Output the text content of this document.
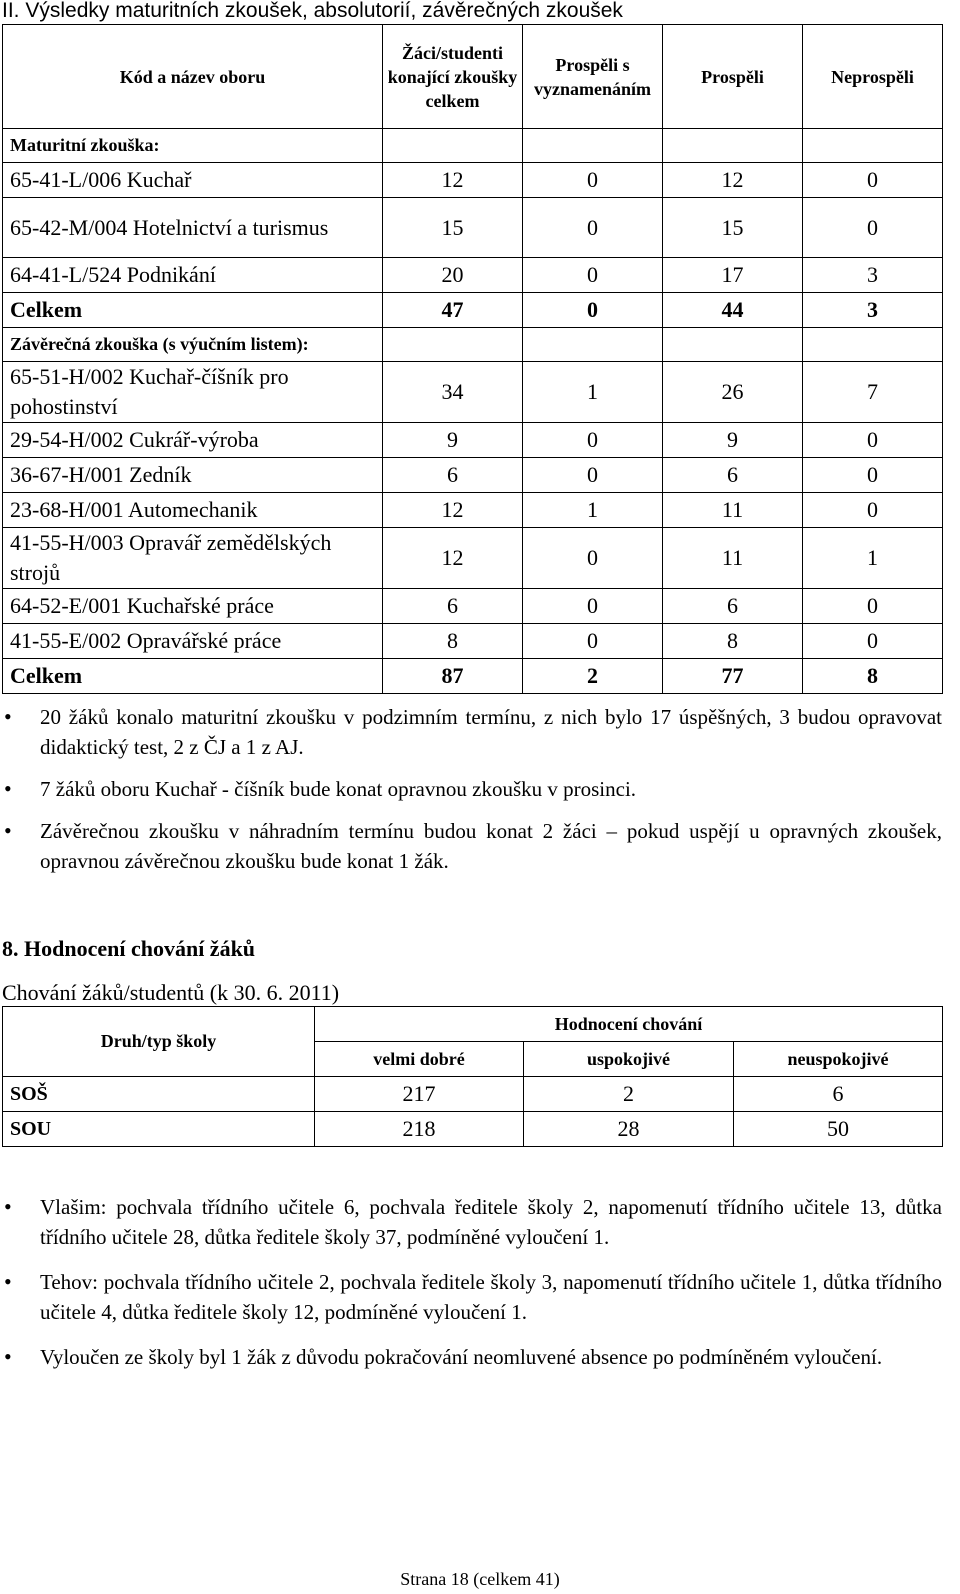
II. Výsledky maturitních zkoušek, absolutorií, závěrečných zkoušek
Kód a název oboru	Žáci/studenti konající zkoušky celkem	Prospěli s vyznamenáním	Prospěli	Neprospěli
Maturitní zkouška:				
65-41-L/006 Kuchař	12	0	12	0
65-42-M/004 Hotelnictví a turismus	15	0	15	0
64-41-L/524 Podnikání	20	0	17	3
Celkem	47	0	44	3
Závěrečná zkouška (s výučním listem):				
65-51-H/002 Kuchař-číšník pro pohostinství	34	1	26	7
29-54-H/002 Cukrář-výroba	9	0	9	0
36-67-H/001 Zedník	6	0	6	0
23-68-H/001 Automechanik	12	1	11	0
41-55-H/003 Opravář zemědělských strojů	12	0	11	1
64-52-E/001 Kuchařské práce	6	0	6	0
41-55-E/002 Opravářské práce	8	0	8	0
Celkem	87	2	77	8
• 20 žáků konalo maturitní zkoušku v podzimním termínu, z nich bylo 17 úspěšných, 3 budou opravovat didaktický test, 2 z ČJ a 1 z AJ.
• 7 žáků oboru Kuchař - číšník bude konat opravnou zkoušku v prosinci.
• Závěrečnou zkoušku v náhradním termínu budou konat 2 žáci – pokud uspějí u opravných zkoušek, opravnou závěrečnou zkoušku bude konat 1 žák.
8. Hodnocení chování žáků
Chování žáků/studentů (k 30. 6. 2011)
Druh/typ školy	Hodnocení chování		
	velmi dobré	uspokojivé	neuspokojivé
SOŠ	217	2	6
SOU	218	28	50
• Vlašim: pochvala třídního učitele 6, pochvala ředitele školy 2, napomenutí třídního učitele 13, důtka třídního učitele 28, důtka ředitele školy 37, podmíněné vyloučení 1.
• Tehov: pochvala třídního učitele 2, pochvala ředitele školy 3, napomenutí třídního učitele 1, důtka třídního učitele 4, důtka ředitele školy 12, podmíněné vyloučení 1.
• Vyloučen ze školy byl 1 žák z důvodu pokračování neomluvené absence po podmíněném vyloučení.
Strana 18 (celkem 41)
